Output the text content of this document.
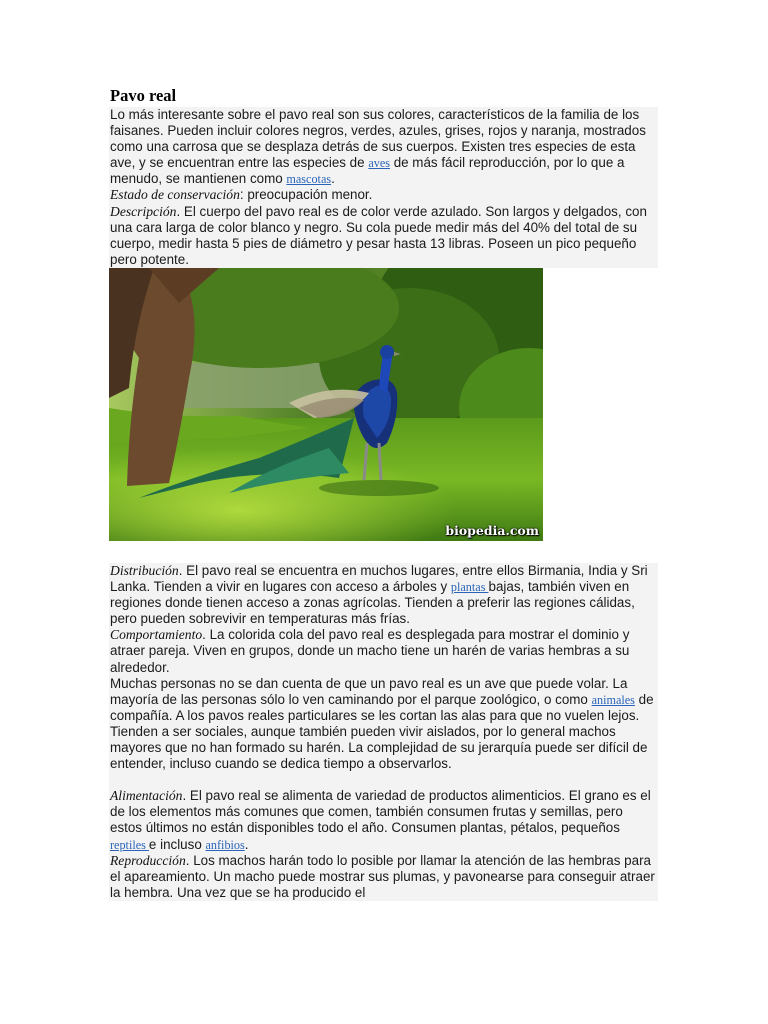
Pavo real

Lo más interesante sobre el pavo real son sus colores, característicos de la familia de los faisanes. Pueden incluir colores negros, verdes, azules, grises, rojos y naranja, mostrados como una carrosa que se desplaza detrás de sus cuerpos. Existen tres especies de esta ave, y se encuentran entre las especies de aves de más fácil reproducción, por lo que a menudo, se mantienen como mascotas.

Estado de conservación: preocupación menor.

Descripción. El cuerpo del pavo real es de color verde azulado. Son largos y delgados, con una cara larga de color blanco y negro. Su cola puede medir más del 40% del total de su cuerpo, medir hasta 5 pies de diámetro y pesar hasta 13 libras. Poseen un pico pequeño pero potente.

biopedia.com

Distribución. El pavo real se encuentra en muchos lugares, entre ellos Birmania, India y Sri Lanka. Tienden a vivir en lugares con acceso a árboles y plantas bajas, también viven en regiones donde tienen acceso a zonas agrícolas. Tienden a preferir las regiones cálidas, pero pueden sobrevivir en temperaturas más frías.

Comportamiento. La colorida cola del pavo real es desplegada para mostrar el dominio y atraer pareja. Viven en grupos, donde un macho tiene un harén de varias hembras a su alrededor.

Muchas personas no se dan cuenta de que un pavo real es un ave que puede volar. La mayoría de las personas sólo lo ven caminando por el parque zoológico, o como animales de compañía. A los pavos reales particulares se les cortan las alas para que no vuelen lejos.

Tienden a ser sociales, aunque también pueden vivir aislados, por lo general machos mayores que no han formado su harén. La complejidad de su jerarquía puede ser difícil de entender, incluso cuando se dedica tiempo a observarlos.

Alimentación. El pavo real se alimenta de variedad de productos alimenticios. El grano es el de los elementos más comunes que comen, también consumen frutas y semillas, pero estos últimos no están disponibles todo el año. Consumen plantas, pétalos, pequeños reptiles e incluso anfibios.

Reproducción. Los machos harán todo lo posible por llamar la atención de las hembras para el apareamiento. Un macho puede mostrar sus plumas, y pavonearse para conseguir atraer la hembra. Una vez que se ha producido el
